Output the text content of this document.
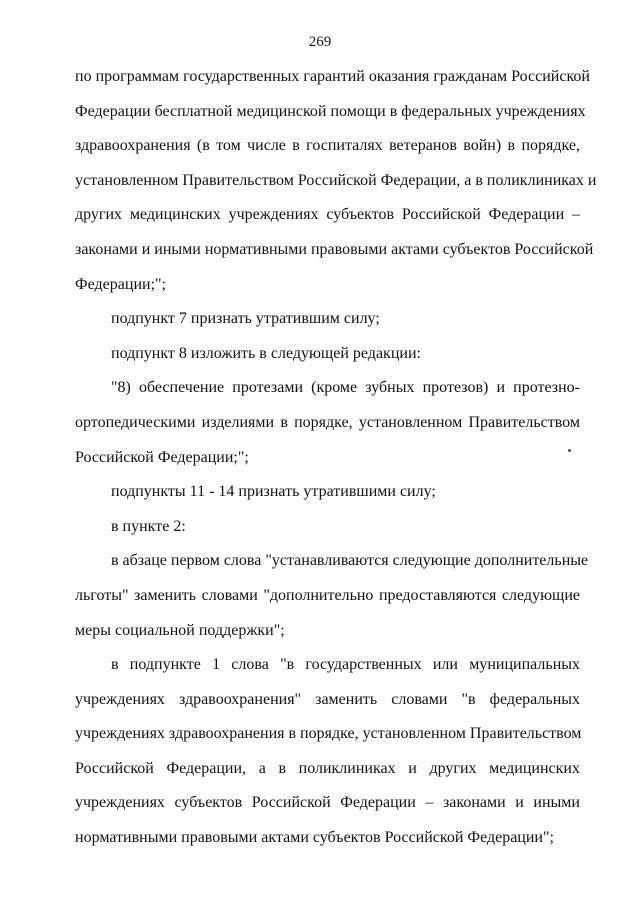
269

по программам государственных гарантий оказания гражданам Российской
Федерации бесплатной медицинской помощи в федеральных учреждениях
здравоохранения (в том числе в госпиталях ветеранов войн) в порядке,
установленном Правительством Российской Федерации, а в поликлиниках и
других медицинских учреждениях субъектов Российской Федерации –
законами и иными нормативными правовыми актами субъектов Российской
Федерации;";

подпункт 7 признать утратившим силу;

подпункт 8 изложить в следующей редакции:

"8) обеспечение протезами (кроме зубных протезов) и протезно-
ортопедическими изделиями в порядке, установленном Правительством
Российской Федерации;";

подпункты 11 - 14 признать утратившими силу;

в пункте 2:

в абзаце первом слова "устанавливаются следующие дополнительные
льготы" заменить словами "дополнительно предоставляются следующие
меры социальной поддержки";

в подпункте 1 слова "в государственных или муниципальных
учреждениях здравоохранения" заменить словами "в федеральных
учреждениях здравоохранения в порядке, установленном Правительством
Российской Федерации, а в поликлиниках и других медицинских
учреждениях субъектов Российской Федерации – законами и иными
нормативными правовыми актами субъектов Российской Федерации";
